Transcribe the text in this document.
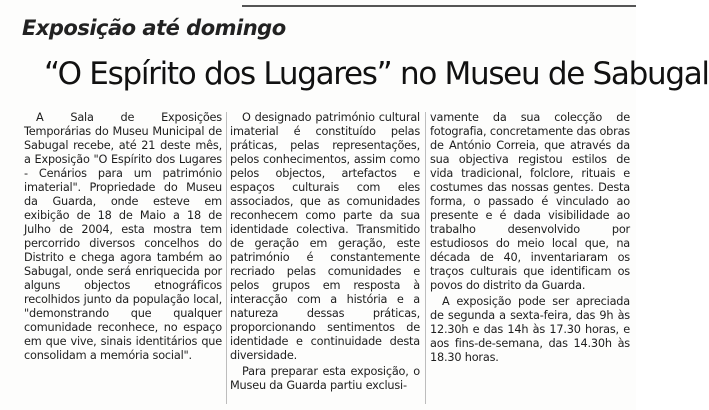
Exposição até domingo
“O Espírito dos Lugares” no Museu de Sabugal

A Sala de Exposições Temporárias do Museu Municipal de Sabugal recebe, até 21 deste mês, a Exposição "O Espírito dos Lugares - Cenários para um património imaterial". Propriedade do Museu da Guarda, onde esteve em exibição de 18 de Maio a 18 de Julho de 2004, esta mostra tem percorrido diversos concelhos do Distrito e chega agora também ao Sabugal, onde será enriquecida por alguns objectos etnográficos recolhidos junto da população local, "demonstrando que qualquer comunidade reconhece, no espaço em que vive, sinais identitários que consolidam a memória social".

O designado património cultural imaterial é constituído pelas práticas, pelas representações, pelos conhecimentos, assim como pelos objectos, artefactos e espaços culturais com eles associados, que as comunidades reconhecem como parte da sua identidade colectiva. Transmitido de geração em geração, este património é constantemente recriado pelas comunidades e pelos grupos em resposta à interacção com a história e a natureza dessas práticas, proporcionando sentimentos de identidade e continuidade desta diversidade.

Para preparar esta exposição, o Museu da Guarda partiu exclusi-

vamente da sua colecção de fotografia, concretamente das obras de António Correia, que através da sua objectiva registou estilos de vida tradicional, folclore, rituais e costumes das nossas gentes. Desta forma, o passado é vinculado ao presente e é dada visibilidade ao trabalho desenvolvido por estudiosos do meio local que, na década de 40, inventariaram os traços culturais que identificam os povos do distrito da Guarda.

A exposição pode ser apreciada de segunda a sexta-feira, das 9h às 12.30h e das 14h às 17.30 horas, e aos fins-de-semana, das 14.30h às 18.30 horas.
